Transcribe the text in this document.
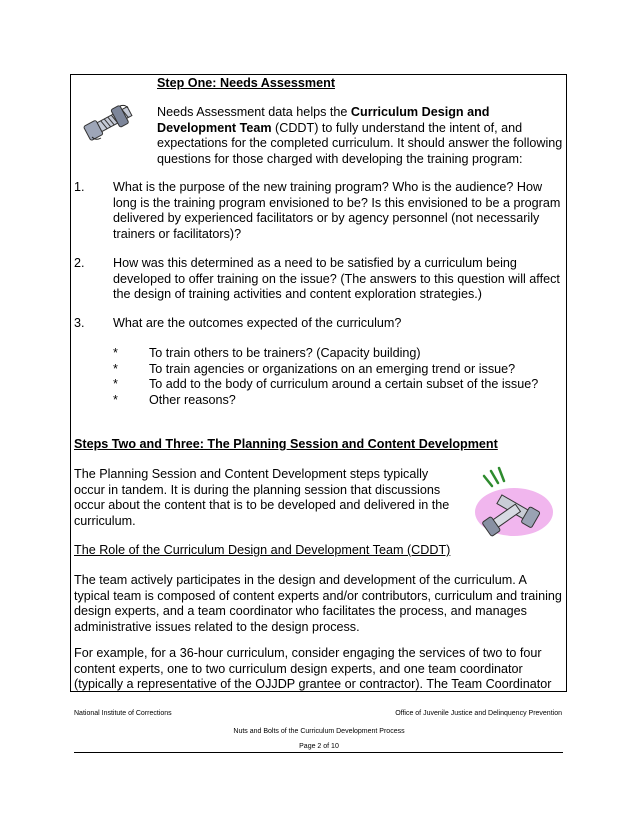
Step One: Needs Assessment
Needs Assessment data helps the Curriculum Design and
Development Team (CDDT) to fully understand the intent of, and
expectations for the completed curriculum. It should answer the following
questions for those charged with developing the training program:
1. What is the purpose of the new training program? Who is the audience? How
long is the training program envisioned to be? Is this envisioned to be a program
delivered by experienced facilitators or by agency personnel (not necessarily
trainers or facilitators)?
2. How was this determined as a need to be satisfied by a curriculum being
developed to offer training on the issue? (The answers to this question will affect
the design of training activities and content exploration strategies.)
3. What are the outcomes expected of the curriculum?
* To train others to be trainers? (Capacity building)
* To train agencies or organizations on an emerging trend or issue?
* To add to the body of curriculum around a certain subset of the issue?
* Other reasons?
Steps Two and Three: The Planning Session and Content Development
The Planning Session and Content Development steps typically
occur in tandem. It is during the planning session that discussions
occur about the content that is to be developed and delivered in the
curriculum.
The Role of the Curriculum Design and Development Team (CDDT)
The team actively participates in the design and development of the curriculum. A
typical team is composed of content experts and/or contributors, curriculum and training
design experts, and a team coordinator who facilitates the process, and manages
administrative issues related to the design process.
For example, for a 36-hour curriculum, consider engaging the services of two to four
content experts, one to two curriculum design experts, and one team coordinator
(typically a representative of the OJJDP grantee or contractor). The Team Coordinator
National Institute of Corrections	Office of Juvenile Justice and Delinquency Prevention
Nuts and Bolts of the Curriculum Development Process
Page 2 of 10
